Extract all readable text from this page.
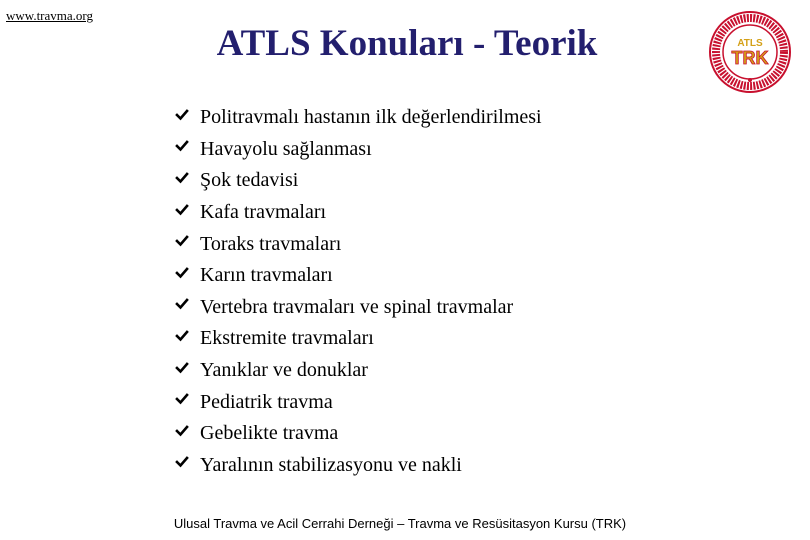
www.travma.org
ATLS Konuları - Teorik	ATLS
TRK
Politravmalı hastanın ilk değerlendirilmesi
Havayolu sağlanması
Şok tedavisi
Kafa travmaları
Toraks travmaları
Karın travmaları
Vertebra travmaları ve spinal travmalar
Ekstremite travmaları
Yanıklar ve donuklar
Pediatrik travma
Gebelikte travma
Yaralının stabilizasyonu ve nakli
Ulusal Travma ve Acil Cerrahi Derneği – Travma ve Resüsitasyon Kursu (TRK)
